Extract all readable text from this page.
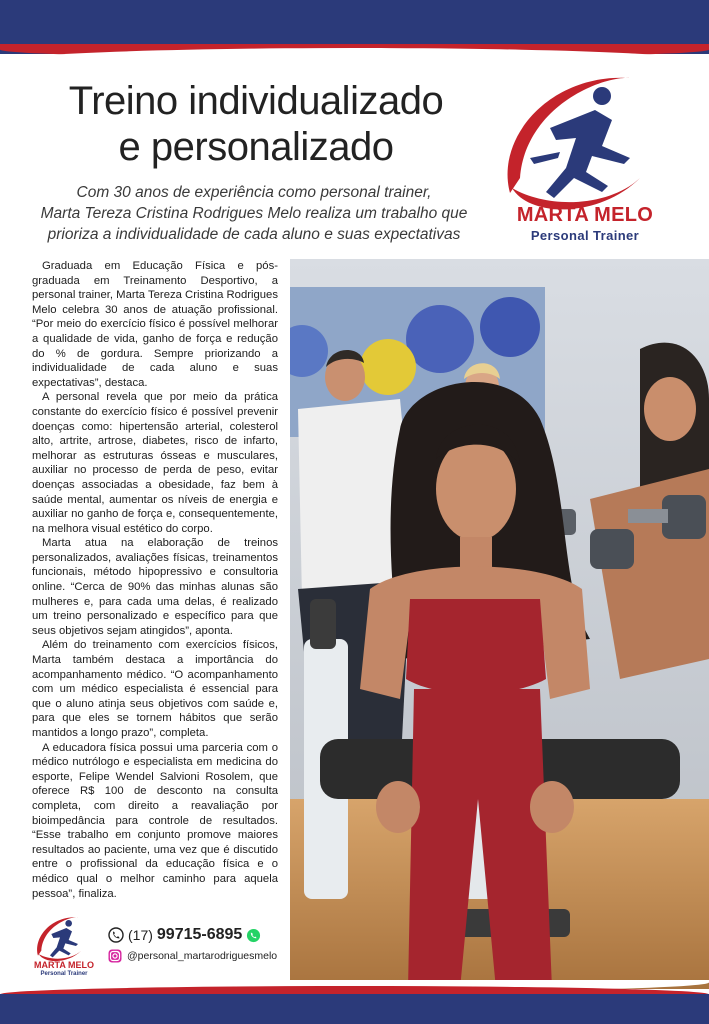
Treino individualizado
e personalizado
Com 30 anos de experiência como personal trainer,
Marta Tereza Cristina Rodrigues Melo realiza um trabalho que
prioriza a individualidade de cada aluno e suas expectativas
MARTA MELO
Personal Trainer

Graduada em Educação Física e pós-graduada em Treinamento Desportivo, a personal trainer, Marta Tereza Cristina Rodrigues Melo celebra 30 anos de atuação profissional. “Por meio do exercício físico é possível melhorar a qualidade de vida, ganho de força e redução do % de gordura. Sempre priorizando a individualidade de cada aluno e suas expectativas”, destaca.

A personal revela que por meio da prática constante do exercício físico é possível prevenir doenças como: hipertensão arterial, colesterol alto, artrite, artrose, diabetes, risco de infarto, melhorar as estruturas ósseas e musculares, auxiliar no processo de perda de peso, evitar doenças associadas a obesidade, faz bem à saúde mental, aumentar os níveis de energia e auxiliar no ganho de força e, consequentemente, na melhora visual estético do corpo.

Marta atua na elaboração de treinos personalizados, avaliações físicas, treinamentos funcionais, método hipopressivo e consultoria online. “Cerca de 90% das minhas alunas são mulheres e, para cada uma delas, é realizado um treino personalizado e específico para que seus objetivos sejam atingidos”, aponta.

Além do treinamento com exercícios físicos, Marta também destaca a importância do acompanhamento médico. “O acompanhamento com um médico especialista é essencial para que o aluno atinja seus objetivos com saúde e, para que eles se tornem hábitos que serão mantidos a longo prazo”, completa.

A educadora física possui uma parceria com o médico nutrólogo e especialista em medicina do esporte, Felipe Wendel Salvioni Rosolem, que oferece R$ 100 de desconto na consulta completa, com direito a reavaliação por bioimpedância para controle de resultados. “Esse trabalho em conjunto promove maiores resultados ao paciente, uma vez que é discutido entre o profissional da educação física e o médico qual o melhor caminho para aquela pessoa”, finaliza.

MARTA MELO
Personal Trainer
(17) 99715-6895
@personal_martarodriguesmelo
